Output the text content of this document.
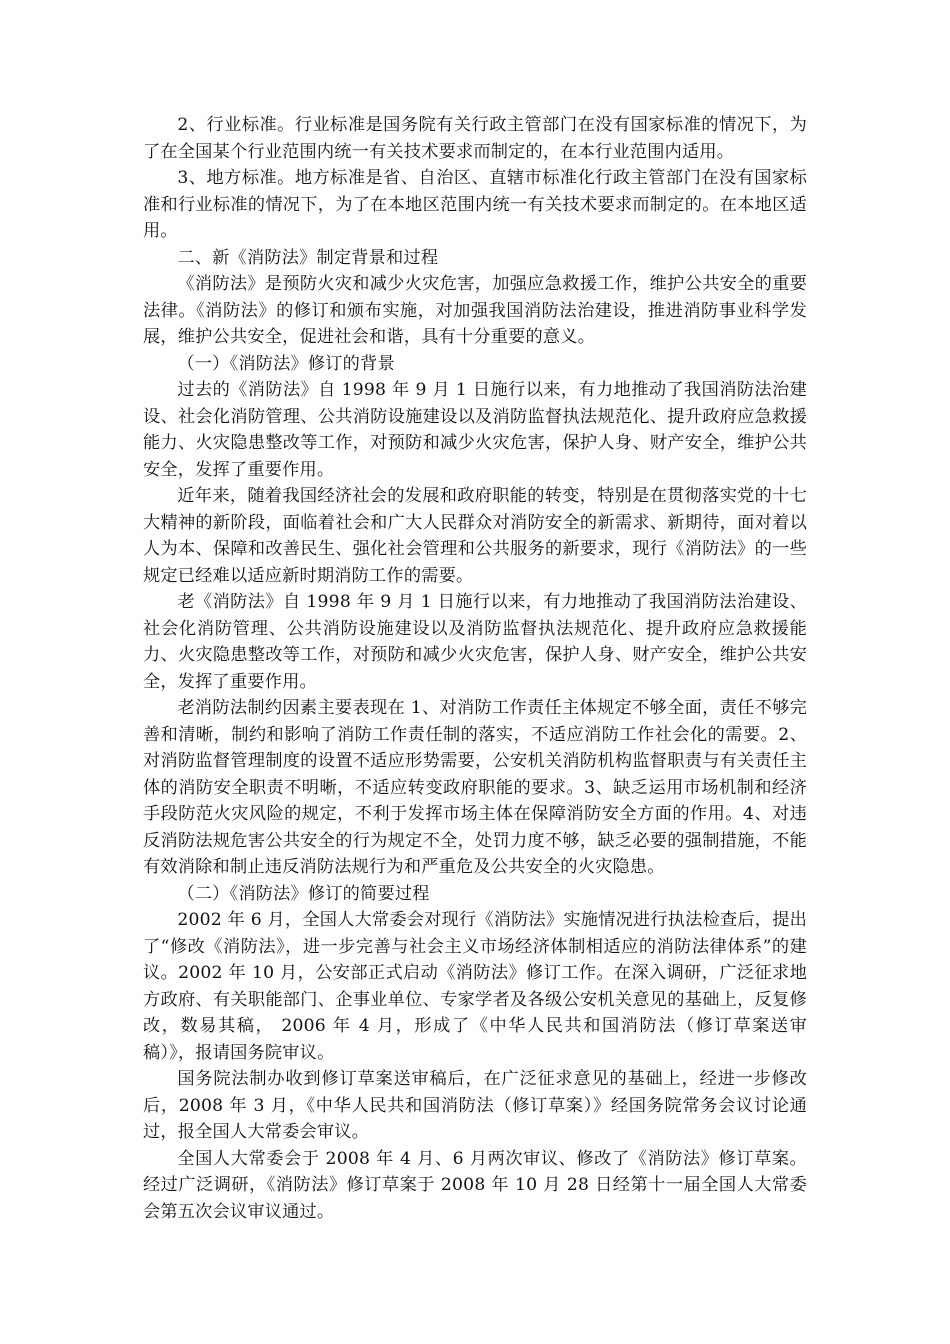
2、行业标准。行业标准是国务院有关行政主管部门在没有国家标准的情况下，为了在全国某个行业范围内统一有关技术要求而制定的，在本行业范围内适用。

3、地方标准。地方标准是省、自治区、直辖市标准化行政主管部门在没有国家标准和行业标准的情况下，为了在本地区范围内统一有关技术要求而制定的。在本地区适用。

二、新《消防法》制定背景和过程

《消防法》是预防火灾和减少火灾危害，加强应急救援工作，维护公共安全的重要法律。《消防法》的修订和颁布实施，对加强我国消防法治建设，推进消防事业科学发展，维护公共安全，促进社会和谐，具有十分重要的意义。

（一）《消防法》修订的背景

过去的《消防法》自 1998 年 9 月 1 日施行以来，有力地推动了我国消防法治建设、社会化消防管理、公共消防设施建设以及消防监督执法规范化、提升政府应急救援能力、火灾隐患整改等工作，对预防和减少火灾危害，保护人身、财产安全，维护公共安全，发挥了重要作用。

近年来，随着我国经济社会的发展和政府职能的转变，特别是在贯彻落实党的十七大精神的新阶段，面临着社会和广大人民群众对消防安全的新需求、新期待，面对着以人为本、保障和改善民生、强化社会管理和公共服务的新要求，现行《消防法》的一些规定已经难以适应新时期消防工作的需要。

老《消防法》自 1998 年 9 月 1 日施行以来，有力地推动了我国消防法治建设、社会化消防管理、公共消防设施建设以及消防监督执法规范化、提升政府应急救援能力、火灾隐患整改等工作，对预防和减少火灾危害，保护人身、财产安全，维护公共安全，发挥了重要作用。

老消防法制约因素主要表现在 1、对消防工作责任主体规定不够全面，责任不够完善和清晰，制约和影响了消防工作责任制的落实，不适应消防工作社会化的需要。2、对消防监督管理制度的设置不适应形势需要，公安机关消防机构监督职责与有关责任主体的消防安全职责不明晰，不适应转变政府职能的要求。3、缺乏运用市场机制和经济手段防范火灾风险的规定，不利于发挥市场主体在保障消防安全方面的作用。4、对违反消防法规危害公共安全的行为规定不全，处罚力度不够，缺乏必要的强制措施，不能有效消除和制止违反消防法规行为和严重危及公共安全的火灾隐患。

（二）《消防法》修订的简要过程

2002 年 6 月，全国人大常委会对现行《消防法》实施情况进行执法检查后，提出了“修改《消防法》，进一步完善与社会主义市场经济体制相适应的消防法律体系”的建议。2002 年 10 月，公安部正式启动《消防法》修订工作。在深入调研，广泛征求地方政府、有关职能部门、企事业单位、专家学者及各级公安机关意见的基础上，反复修改，数易其稿， 2006 年 4 月，形成了《中华人民共和国消防法（修订草案送审稿）》，报请国务院审议。

国务院法制办收到修订草案送审稿后，在广泛征求意见的基础上，经进一步修改后，2008 年 3 月，《中华人民共和国消防法（修订草案）》经国务院常务会议讨论通过，报全国人大常委会审议。

全国人大常委会于 2008 年 4 月、6 月两次审议、修改了《消防法》修订草案。经过广泛调研，《消防法》修订草案于 2008 年 10 月 28 日经第十一届全国人大常委会第五次会议审议通过。
